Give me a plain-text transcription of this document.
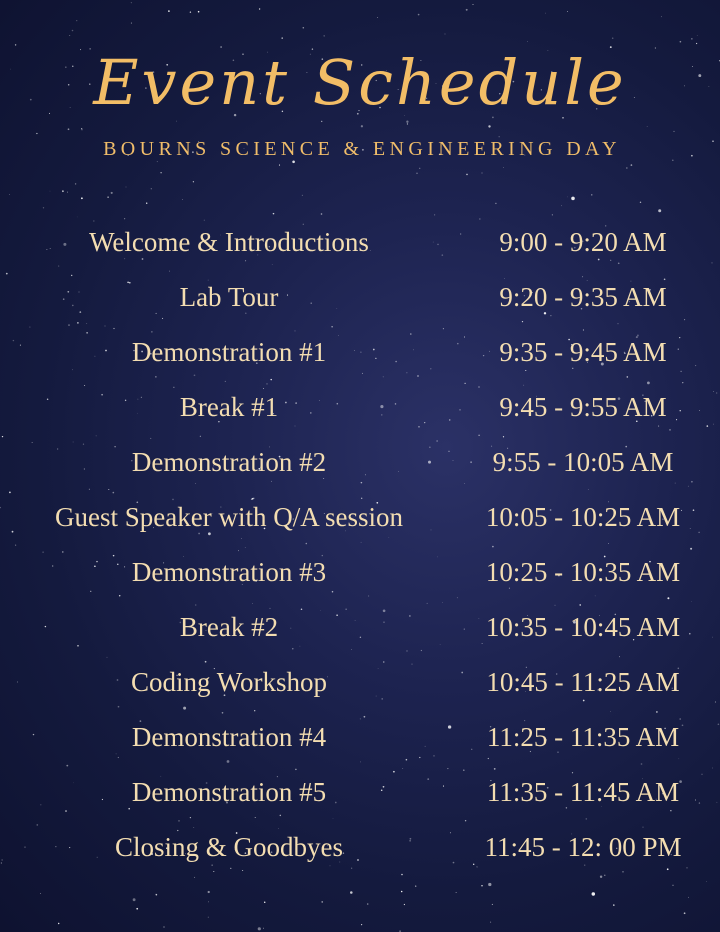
Event Schedule
BOURNS SCIENCE & ENGINEERING DAY
Welcome & Introductions	9:00 - 9:20 AM
Lab Tour	9:20 - 9:35 AM
Demonstration #1	9:35 - 9:45 AM
Break #1	9:45 - 9:55 AM
Demonstration #2	9:55 - 10:05 AM
Guest Speaker with Q/A session	10:05 - 10:25 AM
Demonstration #3	10:25 - 10:35 AM
Break #2	10:35 - 10:45 AM
Coding Workshop	10:45 - 11:25 AM
Demonstration #4	11:25 - 11:35 AM
Demonstration #5	11:35 - 11:45 AM
Closing & Goodbyes	11:45 - 12: 00 PM
